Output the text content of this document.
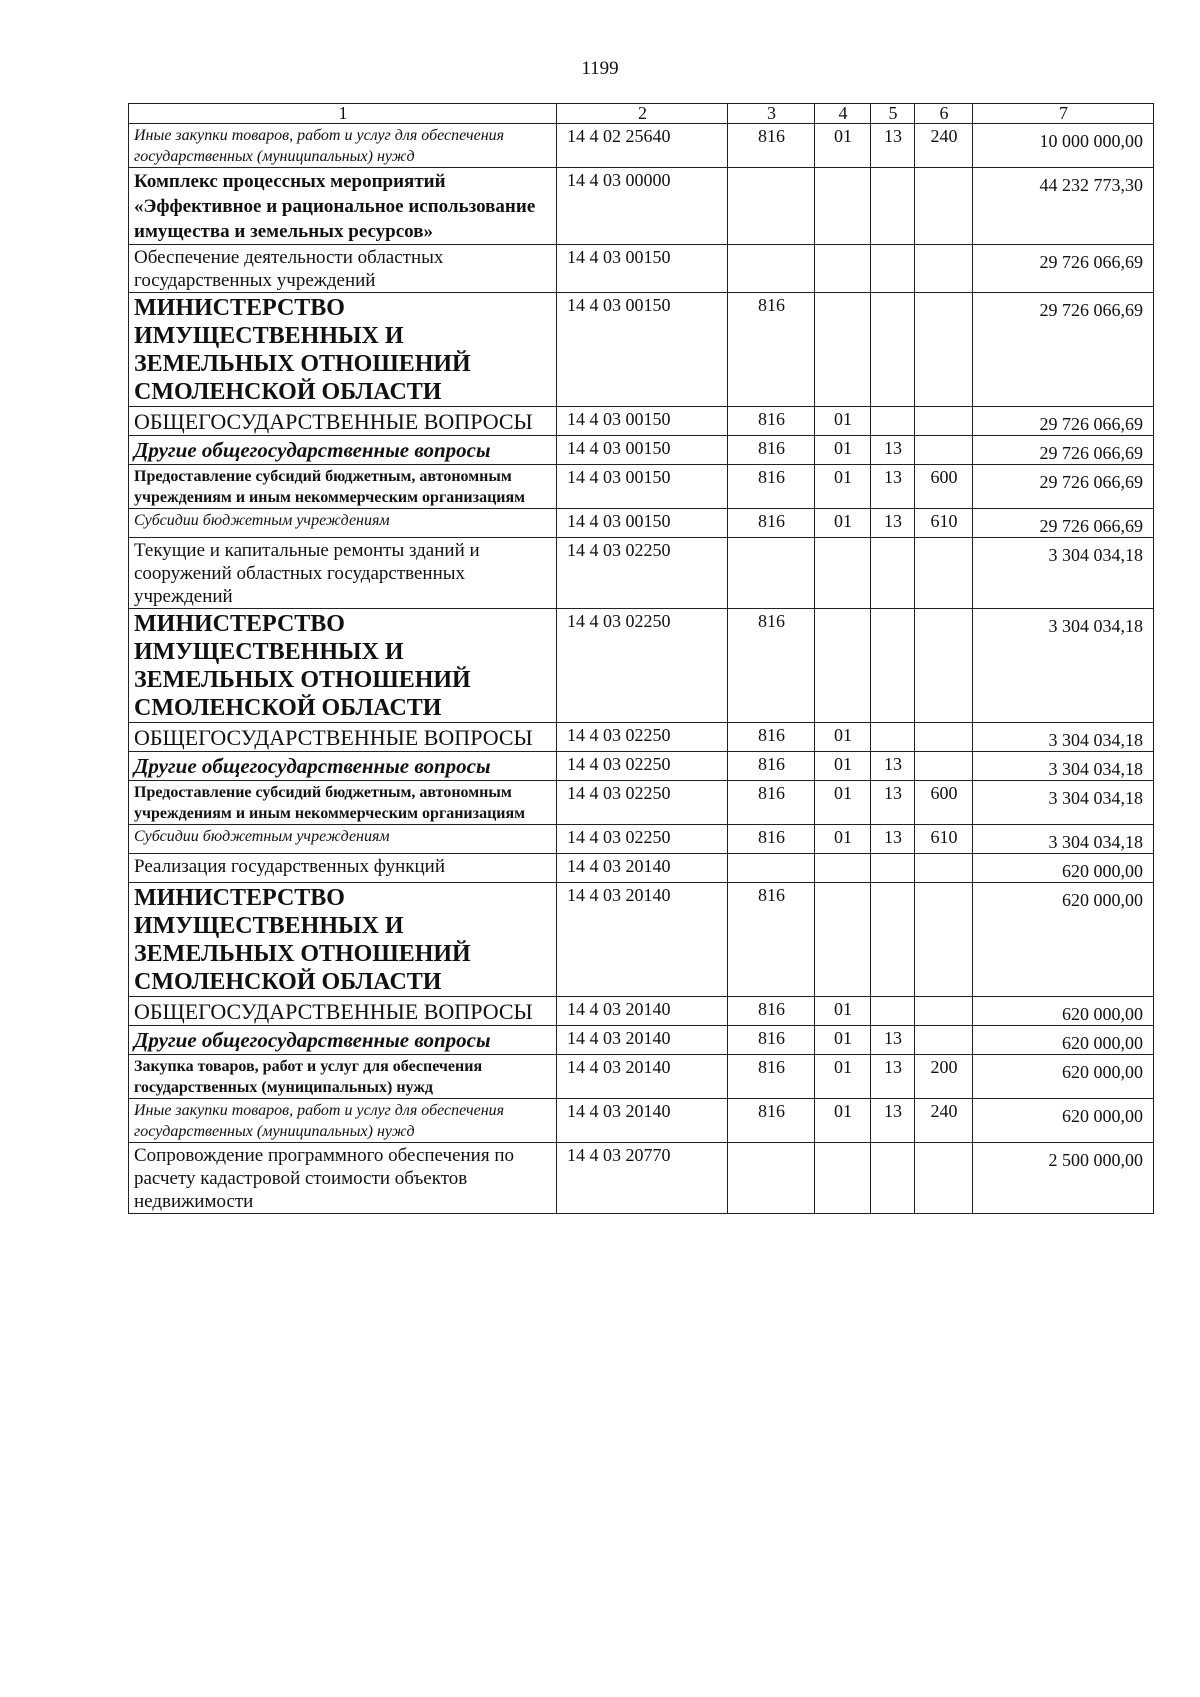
1199
1	2	3	4	5	6	7
Иные закупки товаров, работ и услуг для обеспечения государственных (муниципальных) нужд	14 4 02 25640	816	01	13	240	10 000 000,00
Комплекс процессных мероприятий «Эффективное и рациональное использование имущества и земельных ресурсов»	14 4 03 00000					44 232 773,30
Обеспечение деятельности областных государственных учреждений	14 4 03 00150					29 726 066,69
МИНИСТЕРСТВО ИМУЩЕСТВЕННЫХ И ЗЕМЕЛЬНЫХ ОТНОШЕНИЙ СМОЛЕНСКОЙ ОБЛАСТИ	14 4 03 00150	816				29 726 066,69
ОБЩЕГОСУДАРСТВЕННЫЕ ВОПРОСЫ	14 4 03 00150	816	01			29 726 066,69
Другие общегосударственные вопросы	14 4 03 00150	816	01	13		29 726 066,69
Предоставление субсидий бюджетным, автономным учреждениям и иным некоммерческим организациям	14 4 03 00150	816	01	13	600	29 726 066,69
Субсидии бюджетным учреждениям	14 4 03 00150	816	01	13	610	29 726 066,69
Текущие и капитальные ремонты зданий и сооружений областных государственных учреждений	14 4 03 02250					3 304 034,18
МИНИСТЕРСТВО ИМУЩЕСТВЕННЫХ И ЗЕМЕЛЬНЫХ ОТНОШЕНИЙ СМОЛЕНСКОЙ ОБЛАСТИ	14 4 03 02250	816				3 304 034,18
ОБЩЕГОСУДАРСТВЕННЫЕ ВОПРОСЫ	14 4 03 02250	816	01			3 304 034,18
Другие общегосударственные вопросы	14 4 03 02250	816	01	13		3 304 034,18
Предоставление субсидий бюджетным, автономным учреждениям и иным некоммерческим организациям	14 4 03 02250	816	01	13	600	3 304 034,18
Субсидии бюджетным учреждениям	14 4 03 02250	816	01	13	610	3 304 034,18
Реализация государственных функций	14 4 03 20140					620 000,00
МИНИСТЕРСТВО ИМУЩЕСТВЕННЫХ И ЗЕМЕЛЬНЫХ ОТНОШЕНИЙ СМОЛЕНСКОЙ ОБЛАСТИ	14 4 03 20140	816				620 000,00
ОБЩЕГОСУДАРСТВЕННЫЕ ВОПРОСЫ	14 4 03 20140	816	01			620 000,00
Другие общегосударственные вопросы	14 4 03 20140	816	01	13		620 000,00
Закупка товаров, работ и услуг для обеспечения государственных (муниципальных) нужд	14 4 03 20140	816	01	13	200	620 000,00
Иные закупки товаров, работ и услуг для обеспечения государственных (муниципальных) нужд	14 4 03 20140	816	01	13	240	620 000,00
Сопровождение программного обеспечения по расчету кадастровой стоимости объектов недвижимости	14 4 03 20770					2 500 000,00
